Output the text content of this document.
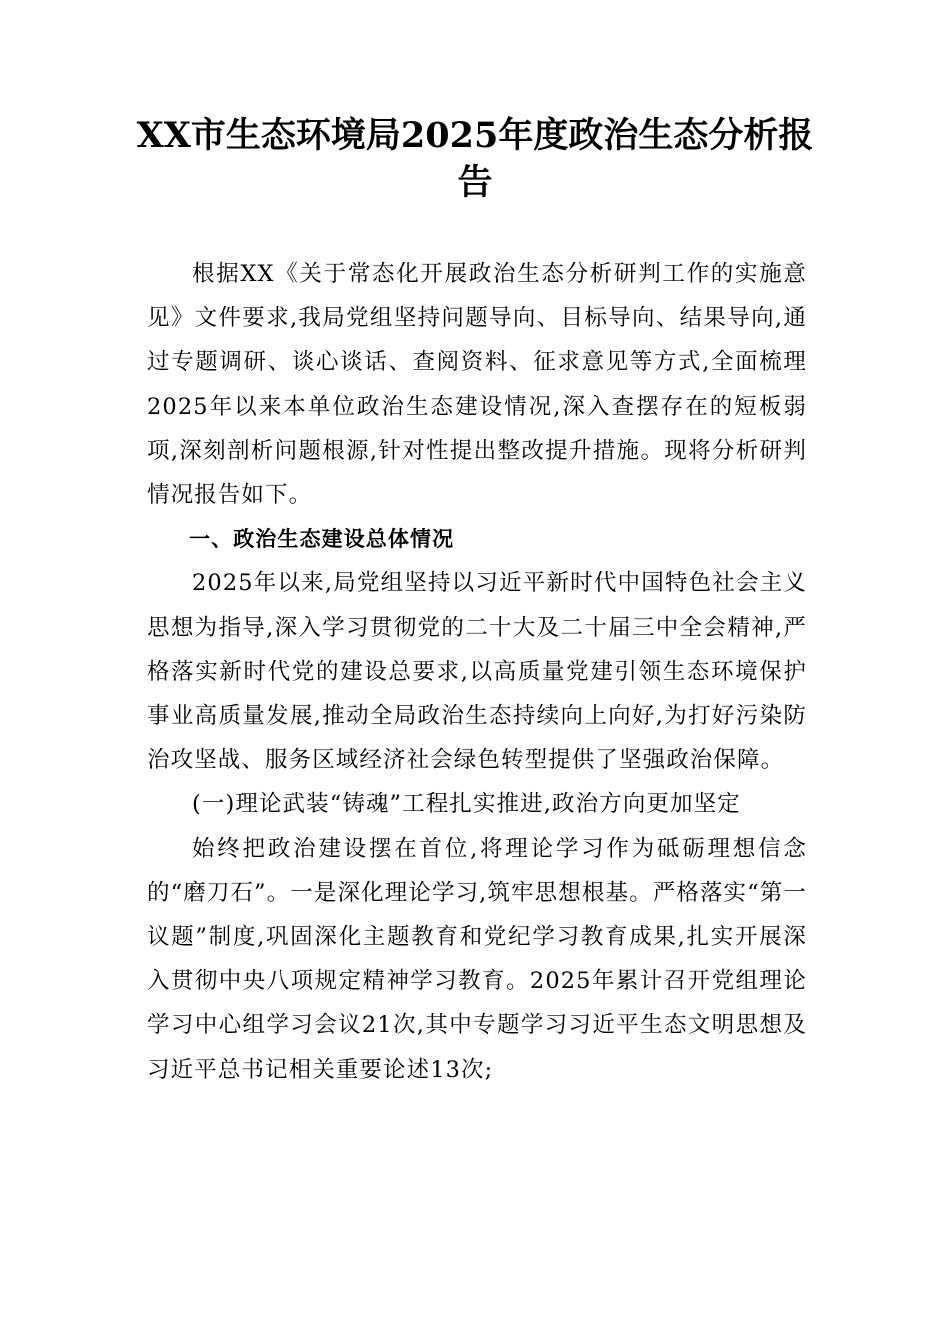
XX市生态环境局2025年度政治生态分析报告

根据XX《关于常态化开展政治生态分析研判工作的实施意见》文件要求,我局党组坚持问题导向、目标导向、结果导向,通过专题调研、谈心谈话、查阅资料、征求意见等方式,全面梳理2025年以来本单位政治生态建设情况,深入查摆存在的短板弱项,深刻剖析问题根源,针对性提出整改提升措施。现将分析研判情况报告如下。

一、政治生态建设总体情况

2025年以来,局党组坚持以习近平新时代中国特色社会主义思想为指导,深入学习贯彻党的二十大及二十届三中全会精神,严格落实新时代党的建设总要求,以高质量党建引领生态环境保护事业高质量发展,推动全局政治生态持续向上向好,为打好污染防治攻坚战、服务区域经济社会绿色转型提供了坚强政治保障。

(一)理论武装“铸魂”工程扎实推进,政治方向更加坚定

始终把政治建设摆在首位,将理论学习作为砥砺理想信念的“磨刀石”。一是深化理论学习,筑牢思想根基。严格落实“第一议题”制度,巩固深化主题教育和党纪学习教育成果,扎实开展深入贯彻中央八项规定精神学习教育。2025年累计召开党组理论学习中心组学习会议21次,其中专题学习习近平生态文明思想及习近平总书记相关重要论述13次;
